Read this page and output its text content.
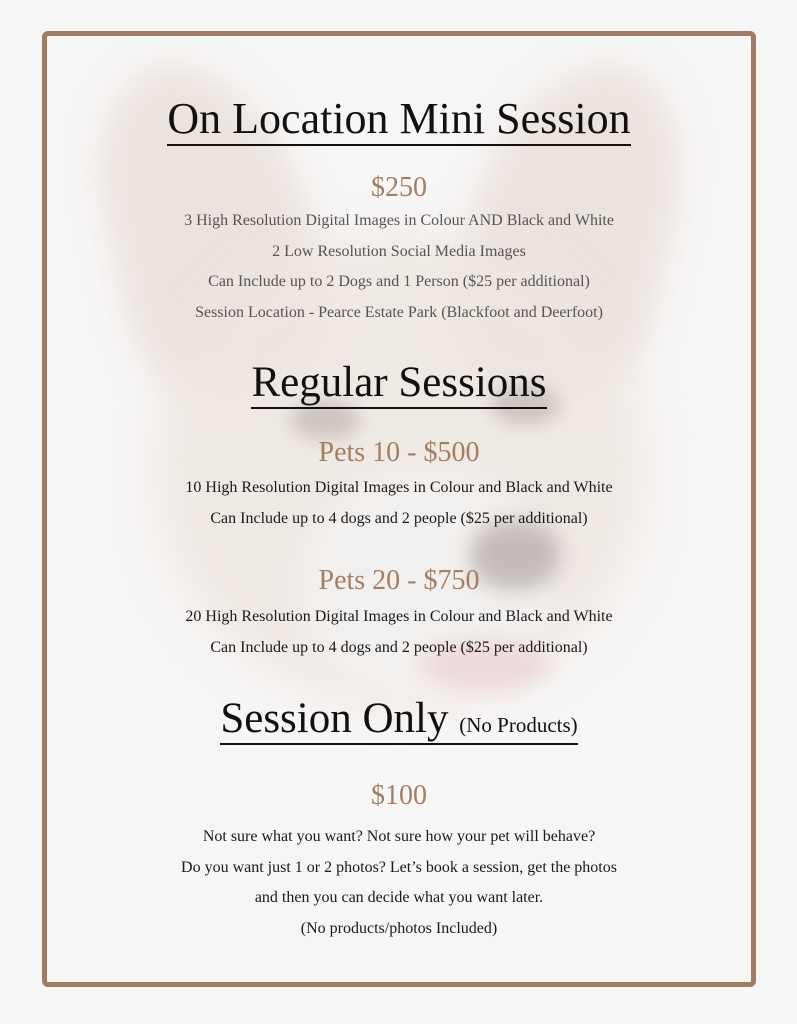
On Location Mini Session
$250
3 High Resolution Digital Images in Colour AND Black and White
2 Low Resolution Social Media Images
Can Include up to 2 Dogs and 1 Person ($25 per additional)
Session Location - Pearce Estate Park (Blackfoot and Deerfoot)
Regular Sessions
Pets 10 - $500
10 High Resolution Digital Images in Colour and Black and White
Can Include up to 4 dogs and 2 people ($25 per additional)
Pets 20 - $750
20 High Resolution Digital Images in Colour and Black and White
Can Include up to 4 dogs and 2 people ($25 per additional)
Session Only (No Products)
$100
Not sure what you want? Not sure how your pet will behave?
Do you want just 1 or 2 photos? Let’s book a session, get the photos
and then you can decide what you want later.
(No products/photos Included)
